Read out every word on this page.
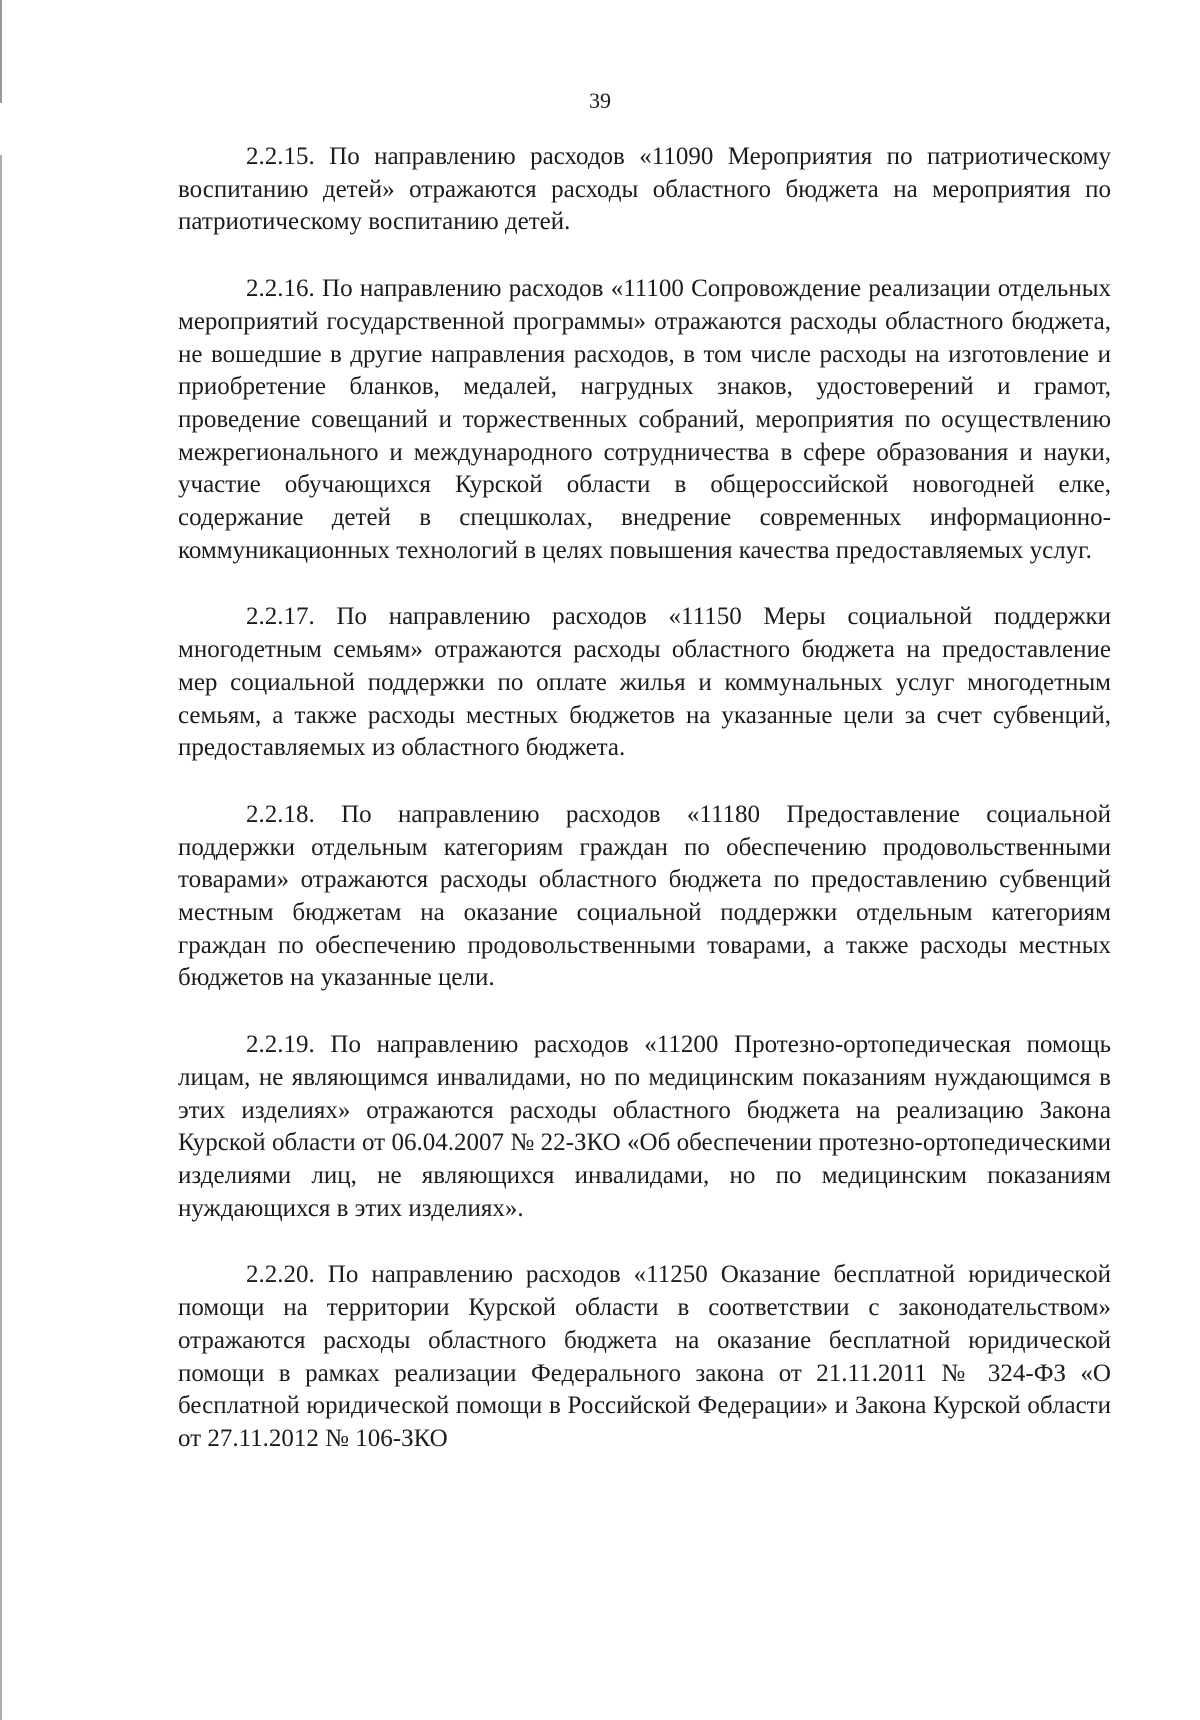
39

2.2.15. По направлению расходов «11090 Мероприятия по патриотическому воспитанию детей» отражаются расходы областного бюджета на мероприятия по патриотическому воспитанию детей.

2.2.16. По направлению расходов «11100 Сопровождение реализации отдельных мероприятий государственной программы» отражаются расходы областного бюджета, не вошедшие в другие направления расходов, в том числе расходы на изготовление и приобретение бланков, медалей, нагрудных знаков, удостоверений и грамот, проведение совещаний и торжественных собраний, мероприятия по осуществлению межрегионального и международного сотрудничества в сфере образования и науки, участие обучающихся Курской области в общероссийской новогодней елке, содержание детей в спецшколах, внедрение современных информационно-коммуникационных технологий в целях повышения качества предоставляемых услуг.

2.2.17. По направлению расходов «11150 Меры социальной поддержки многодетным семьям» отражаются расходы областного бюджета на предоставление мер социальной поддержки по оплате жилья и коммунальных услуг многодетным семьям, а также расходы местных бюджетов на указанные цели за счет субвенций, предоставляемых из областного бюджета.

2.2.18. По направлению расходов «11180 Предоставление социальной поддержки отдельным категориям граждан по обеспечению продовольственными товарами» отражаются расходы областного бюджета по предоставлению субвенций местным бюджетам на оказание социальной поддержки отдельным категориям граждан по обеспечению продовольственными товарами, а также расходы местных бюджетов на указанные цели.

2.2.19. По направлению расходов «11200 Протезно-ортопедическая помощь лицам, не являющимся инвалидами, но по медицинским показаниям нуждающимся в этих изделиях» отражаются расходы областного бюджета на реализацию Закона Курской области от 06.04.2007 № 22-ЗКО «Об обеспечении протезно-ортопедическими изделиями лиц, не являющихся инвалидами, но по медицинским показаниям нуждающихся в этих изделиях».

2.2.20. По направлению расходов «11250 Оказание бесплатной юридической помощи на территории Курской области в соответствии с законодательством» отражаются расходы областного бюджета на оказание бесплатной юридической помощи в рамках реализации Федерального закона от 21.11.2011 № 324-ФЗ «О бесплатной юридической помощи в Российской Федерации» и Закона Курской области от 27.11.2012 № 106-ЗКО
